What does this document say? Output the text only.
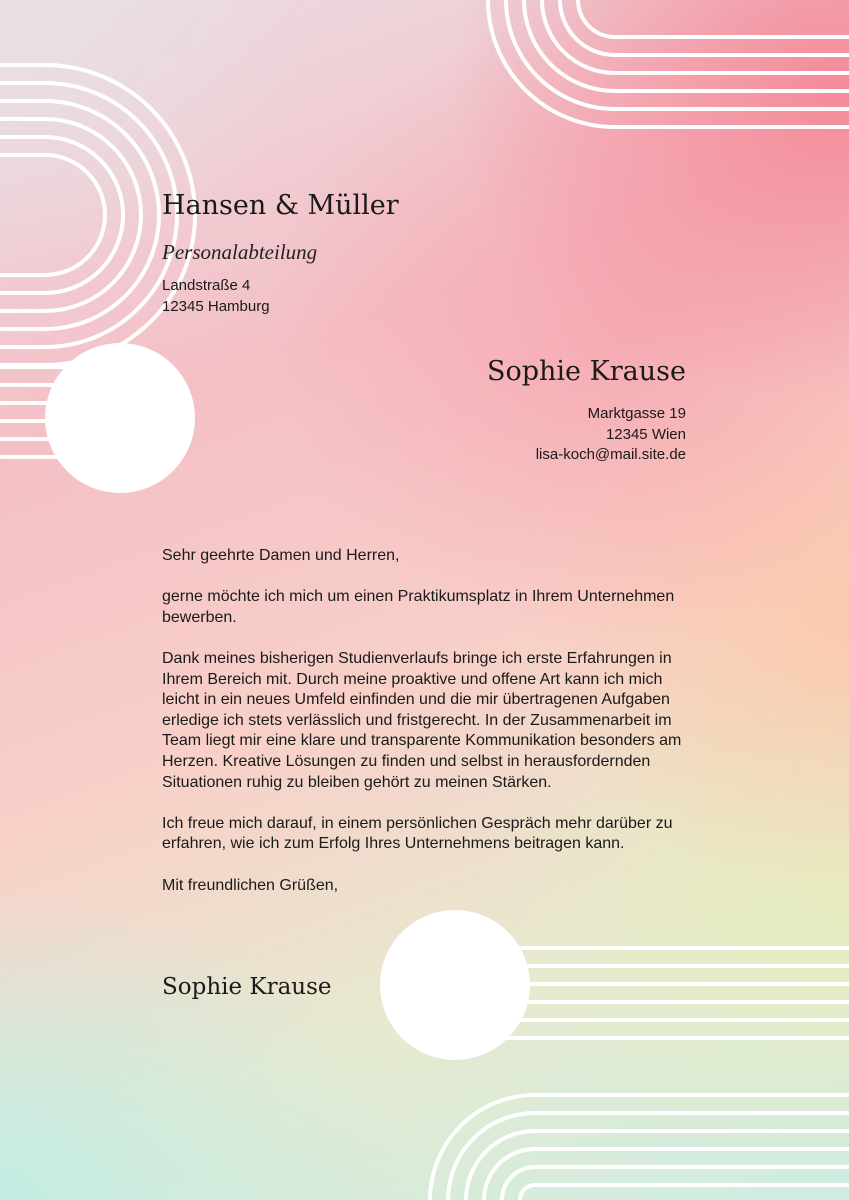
Hansen & Müller
Personalabteilung
Landstraße 4
12345 Hamburg
Sophie Krause
Marktgasse 19
12345 Wien
lisa-koch@mail.site.de

Sehr geehrte Damen und Herren,

gerne möchte ich mich um einen Praktikumsplatz in Ihrem Unternehmen bewerben.

Dank meines bisherigen Studienverlaufs bringe ich erste Erfahrungen in Ihrem Bereich mit. Durch meine proaktive und offene Art kann ich mich leicht in ein neues Umfeld einfinden und die mir übertragenen Aufgaben erledige ich stets verlässlich und fristgerecht. In der Zusammenarbeit im Team liegt mir eine klare und transparente Kommunikation besonders am Herzen. Kreative Lösungen zu finden und selbst in herausfordernden Situationen ruhig zu bleiben gehört zu meinen Stärken.

Ich freue mich darauf, in einem persönlichen Gespräch mehr darüber zu erfahren, wie ich zum Erfolg Ihres Unternehmens beitragen kann.

Mit freundlichen Grüßen,

Sophie Krause
